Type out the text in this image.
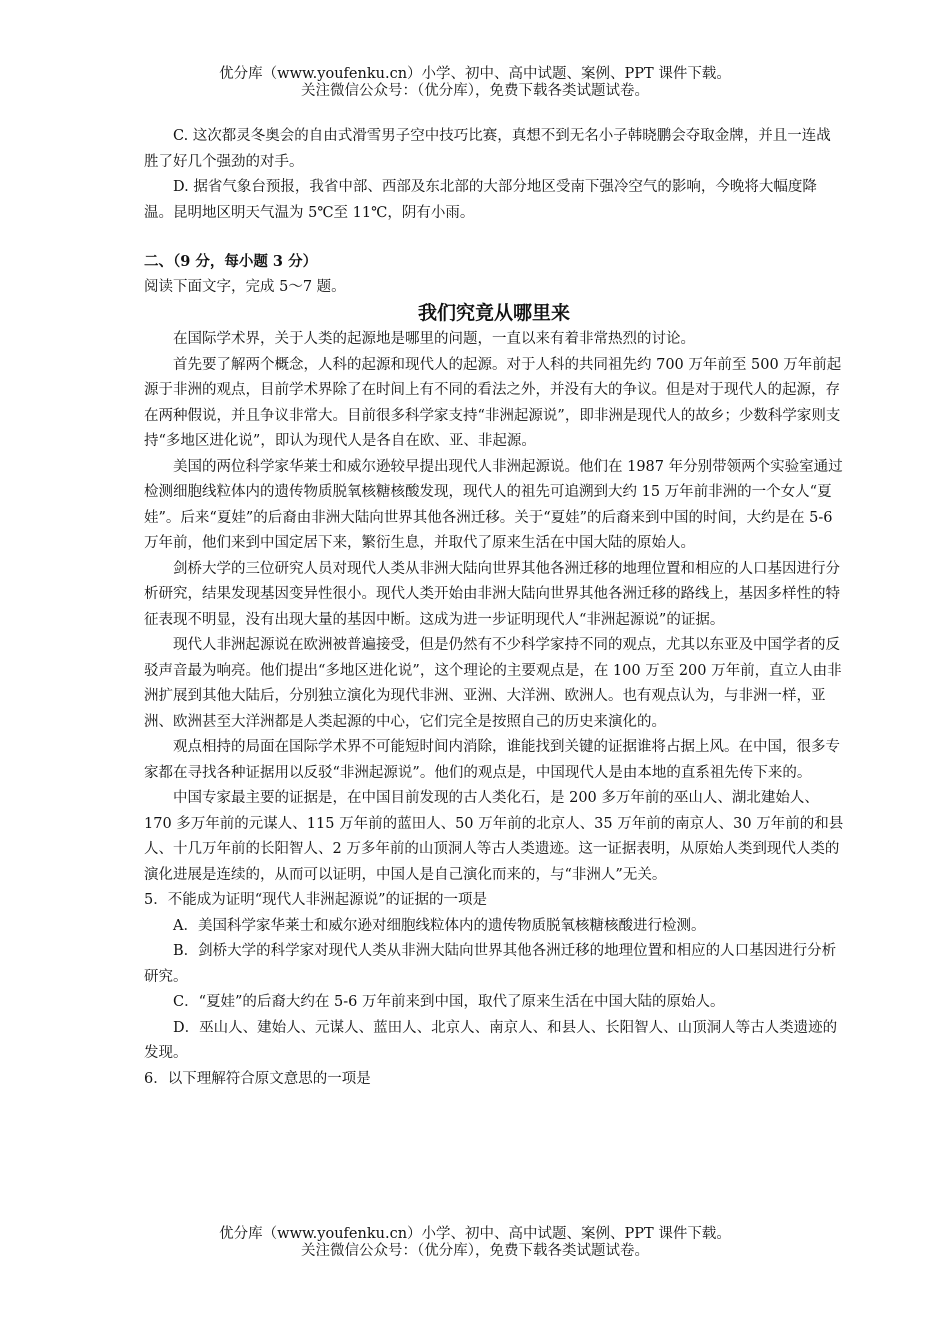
优分库（www.youfenku.cn）小学、初中、高中试题、案例、PPT 课件下载。
关注微信公众号：（优分库），免费下载各类试题试卷。

C. 这次都灵冬奥会的自由式滑雪男子空中技巧比赛，真想不到无名小子韩晓鹏会夺取金牌，并且一连战胜了好几个强劲的对手。

D. 据省气象台预报，我省中部、西部及东北部的大部分地区受南下强冷空气的影响，今晚将大幅度降温。昆明地区明天气温为 5℃至 11℃，阴有小雨。

二、（9 分，每小题 3 分）

阅读下面文字，完成 5～7 题。

我们究竟从哪里来

在国际学术界，关于人类的起源地是哪里的问题，一直以来有着非常热烈的讨论。

首先要了解两个概念，人科的起源和现代人的起源。对于人科的共同祖先约 700 万年前至 500 万年前起源于非洲的观点，目前学术界除了在时间上有不同的看法之外，并没有大的争议。但是对于现代人的起源，存在两种假说，并且争议非常大。目前很多科学家支持“非洲起源说”，即非洲是现代人的故乡；少数科学家则支持“多地区进化说”，即认为现代人是各自在欧、亚、非起源。

美国的两位科学家华莱士和威尔逊较早提出现代人非洲起源说。他们在 1987 年分别带领两个实验室通过检测细胞线粒体内的遗传物质脱氧核糖核酸发现，现代人的祖先可追溯到大约 15 万年前非洲的一个女人“夏娃”。后来“夏娃”的后裔由非洲大陆向世界其他各洲迁移。关于“夏娃”的后裔来到中国的时间，大约是在 5-6 万年前，他们来到中国定居下来，繁衍生息，并取代了原来生活在中国大陆的原始人。

剑桥大学的三位研究人员对现代人类从非洲大陆向世界其他各洲迁移的地理位置和相应的人口基因进行分析研究，结果发现基因变异性很小。现代人类开始由非洲大陆向世界其他各洲迁移的路线上，基因多样性的特征表现不明显，没有出现大量的基因中断。这成为进一步证明现代人“非洲起源说”的证据。

现代人非洲起源说在欧洲被普遍接受，但是仍然有不少科学家持不同的观点，尤其以东亚及中国学者的反驳声音最为响亮。他们提出“多地区进化说”，这个理论的主要观点是，在 100 万至 200 万年前，直立人由非洲扩展到其他大陆后，分别独立演化为现代非洲、亚洲、大洋洲、欧洲人。也有观点认为，与非洲一样，亚洲、欧洲甚至大洋洲都是人类起源的中心，它们完全是按照自己的历史来演化的。

观点相持的局面在国际学术界不可能短时间内消除，谁能找到关键的证据谁将占据上风。在中国，很多专家都在寻找各种证据用以反驳“非洲起源说”。他们的观点是，中国现代人是由本地的直系祖先传下来的。

中国专家最主要的证据是，在中国目前发现的古人类化石，是 200 多万年前的巫山人、湖北建始人、170 多万年前的元谋人、115 万年前的蓝田人、50 万年前的北京人、35 万年前的南京人、30 万年前的和县人、十几万年前的长阳智人、2 万多年前的山顶洞人等古人类遗迹。这一证据表明，从原始人类到现代人类的演化进展是连续的，从而可以证明，中国人是自己演化而来的，与“非洲人”无关。

5．不能成为证明“现代人非洲起源说”的证据的一项是

A．美国科学家华莱士和威尔逊对细胞线粒体内的遗传物质脱氧核糖核酸进行检测。

B．剑桥大学的科学家对现代人类从非洲大陆向世界其他各洲迁移的地理位置和相应的人口基因进行分析研究。

C．“夏娃”的后裔大约在 5-6 万年前来到中国，取代了原来生活在中国大陆的原始人。

D．巫山人、建始人、元谋人、蓝田人、北京人、南京人、和县人、长阳智人、山顶洞人等古人类遗迹的发现。

6．以下理解符合原文意思的一项是

优分库（www.youfenku.cn）小学、初中、高中试题、案例、PPT 课件下载。
关注微信公众号：（优分库），免费下载各类试题试卷。
